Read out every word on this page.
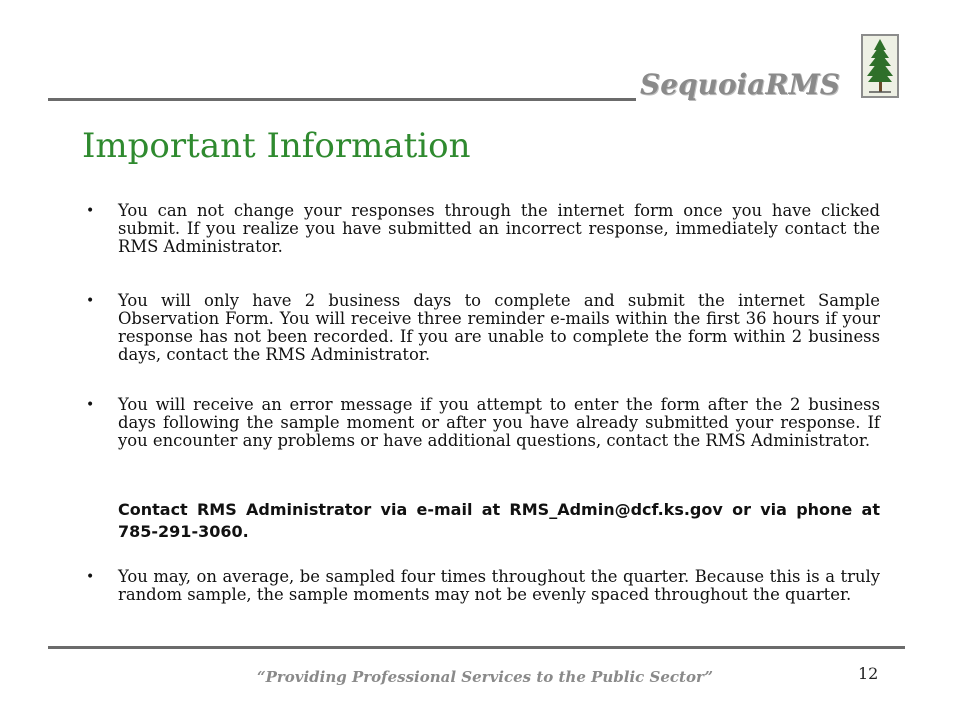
SequoiaRMS
Important Information
• You can not change your responses through the internet form once you have clicked submit. If you realize you have submitted an incorrect response, immediately contact the RMS Administrator.
• You will only have 2 business days to complete and submit the internet Sample Observation Form. You will receive three reminder e-mails within the first 36 hours if your response has not been recorded. If you are unable to complete the form within 2 business days, contact the RMS Administrator.
• You will receive an error message if you attempt to enter the form after the 2 business days following the sample moment or after you have already submitted your response. If you encounter any problems or have additional questions, contact the RMS Administrator.
Contact RMS Administrator via e-mail at RMS_Admin@dcf.ks.gov or via phone at 785-291-3060.
• You may, on average, be sampled four times throughout the quarter. Because this is a truly random sample, the sample moments may not be evenly spaced throughout the quarter.
“Providing Professional Services to the Public Sector”	12
